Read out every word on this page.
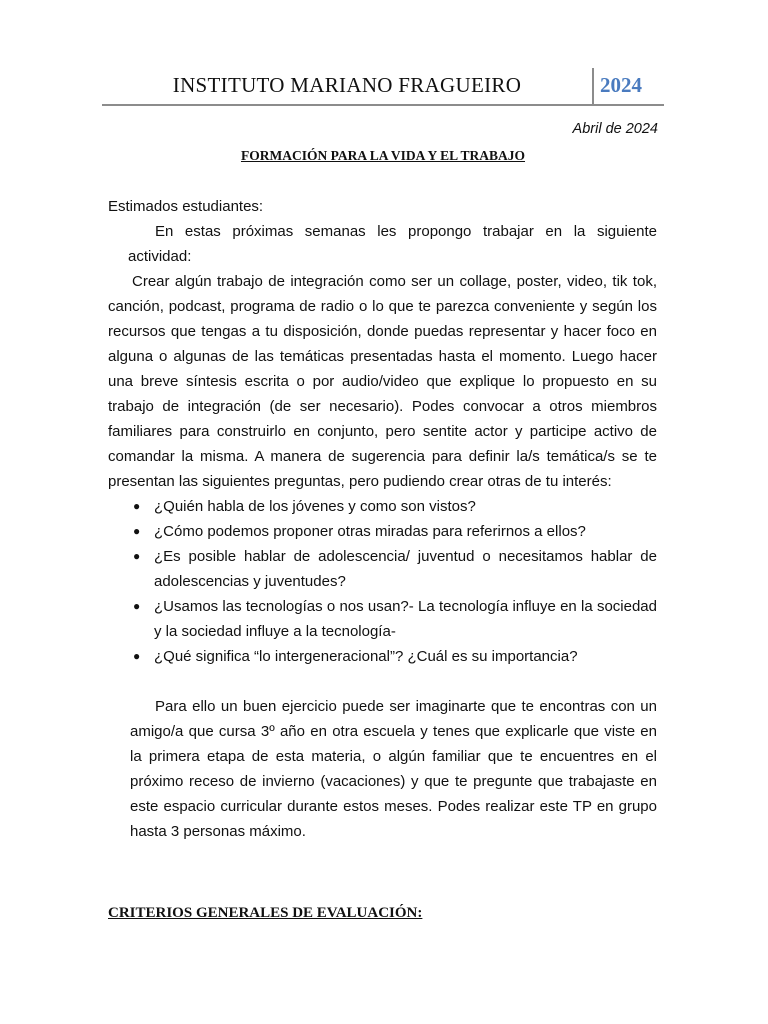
INSTITUTO MARIANO FRAGUEIRO	2024
Abril de 2024
FORMACIÓN PARA LA VIDA Y EL TRABAJO

Estimados estudiantes:

En estas próximas semanas les propongo trabajar en la siguiente actividad:

Crear algún trabajo de integración como ser un collage, poster, video, tik tok, canción, podcast, programa de radio o lo que te parezca conveniente y según los recursos que tengas a tu disposición, donde puedas representar y hacer foco en alguna o algunas de las temáticas presentadas hasta el momento. Luego hacer una breve síntesis escrita o por audio/video que explique lo propuesto en su trabajo de integración (de ser necesario). Podes convocar a otros miembros familiares para construirlo en conjunto, pero sentite actor y participe activo de comandar la misma. A manera de sugerencia para definir la/s temática/s se te presentan las siguientes preguntas, pero pudiendo crear otras de tu interés:

● ¿Quién habla de los jóvenes y como son vistos?
● ¿Cómo podemos proponer otras miradas para referirnos a ellos?
● ¿Es posible hablar de adolescencia/ juventud o necesitamos hablar de adolescencias y juventudes?
● ¿Usamos las tecnologías o nos usan?- La tecnología influye en la sociedad y la sociedad influye a la tecnología-
● ¿Qué significa “lo intergeneracional”? ¿Cuál es su importancia?

Para ello un buen ejercicio puede ser imaginarte que te encontras con un amigo/a que cursa 3º año en otra escuela y tenes que explicarle que viste en la primera etapa de esta materia, o algún familiar que te encuentres en el próximo receso de invierno (vacaciones) y que te pregunte que trabajaste en este espacio curricular durante estos meses. Podes realizar este TP en grupo hasta 3 personas máximo.

CRITERIOS GENERALES DE EVALUACIÓN:
